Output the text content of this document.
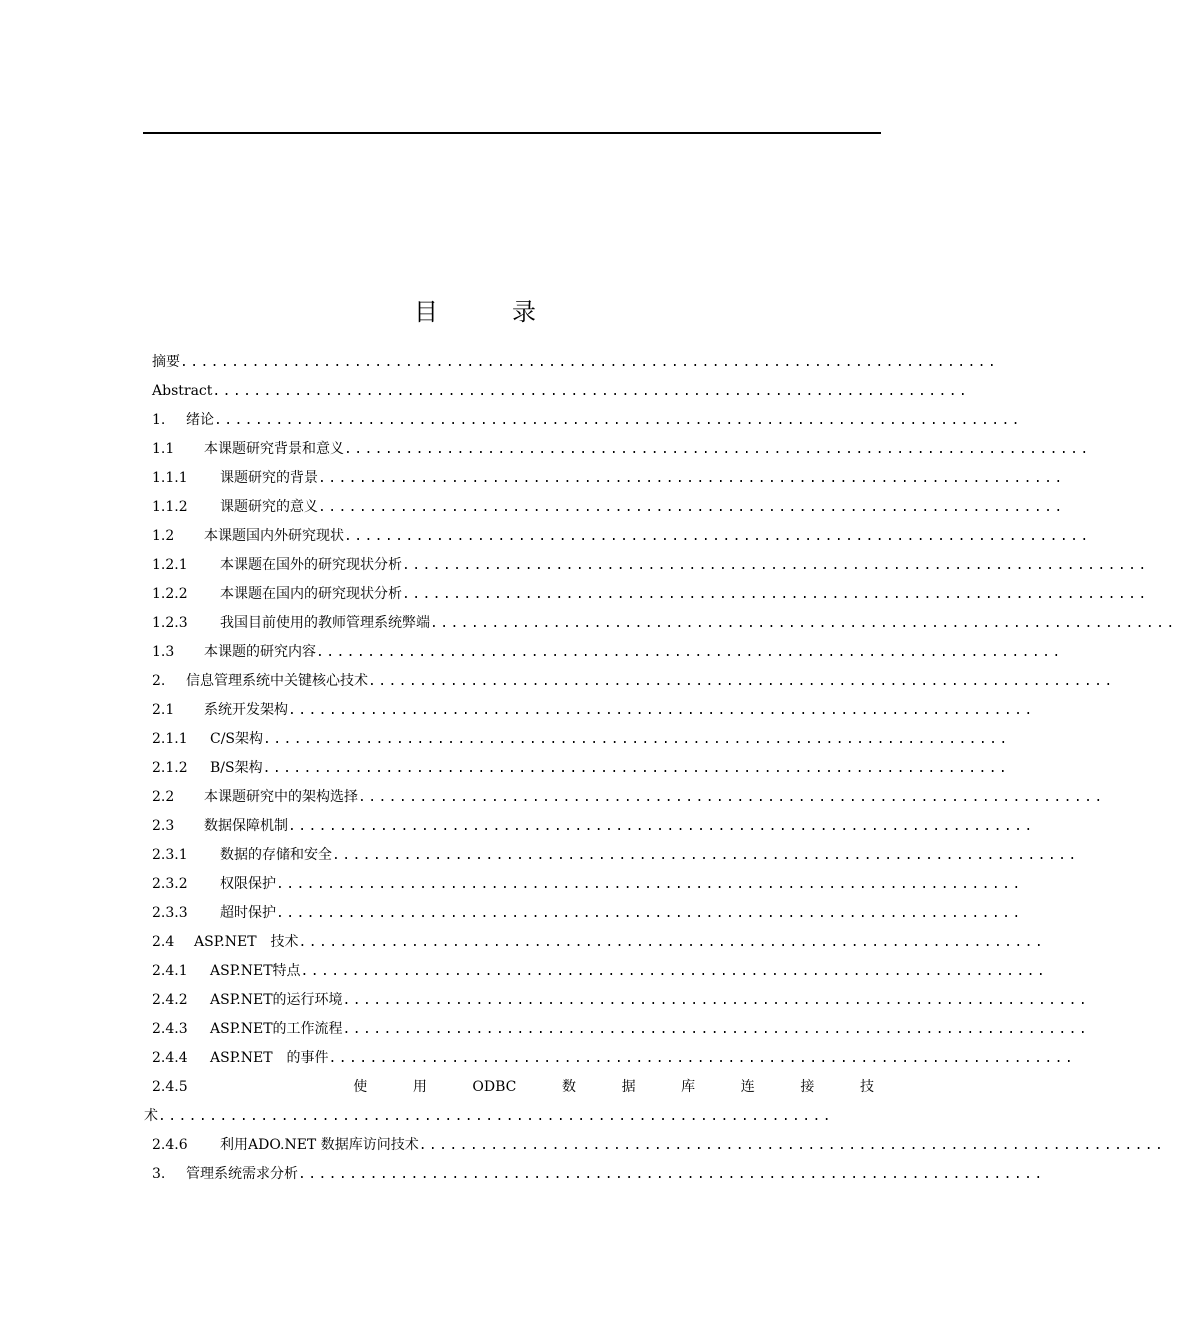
目	录
摘要................................................................................
Abstract..........................................................................
1. 绪论...............................................................................
1.1 本课题研究背景和意义.........................................................................
1.1.1 课题研究的背景.........................................................................
1.1.2 课题研究的意义.........................................................................
1.2 本课题国内外研究现状.........................................................................
1.2.1 本课题在国外的研究现状分析.........................................................................
1.2.2 本课题在国内的研究现状分析.........................................................................
1.2.3 我国目前使用的教师管理系统弊端.........................................................................
1.3 本课题的研究内容.........................................................................
2. 信息管理系统中关键核心技术.........................................................................
2.1 系统开发架构.........................................................................
2.1.1 C/S架构.........................................................................
2.1.2 B/S架构.........................................................................
2.2 本课题研究中的架构选择.........................................................................
2.3 数据保障机制.........................................................................
2.3.1 数据的存储和安全.........................................................................
2.3.2 权限保护.........................................................................
2.3.3 超时保护.........................................................................
2.4 ASP.NET　技术.........................................................................
2.4.1 ASP.NET特点.........................................................................
2.4.2 ASP.NET的运行环境.........................................................................
2.4.3 ASP.NET的工作流程.........................................................................
2.4.4 ASP.NET　的事件.........................................................................
2.4.5	使	用	ODBC	数	据	库	连	接	技
术..................................................................
2.4.6 利用ADO.NET 数据库访问技术.........................................................................
3. 管理系统需求分析.........................................................................
